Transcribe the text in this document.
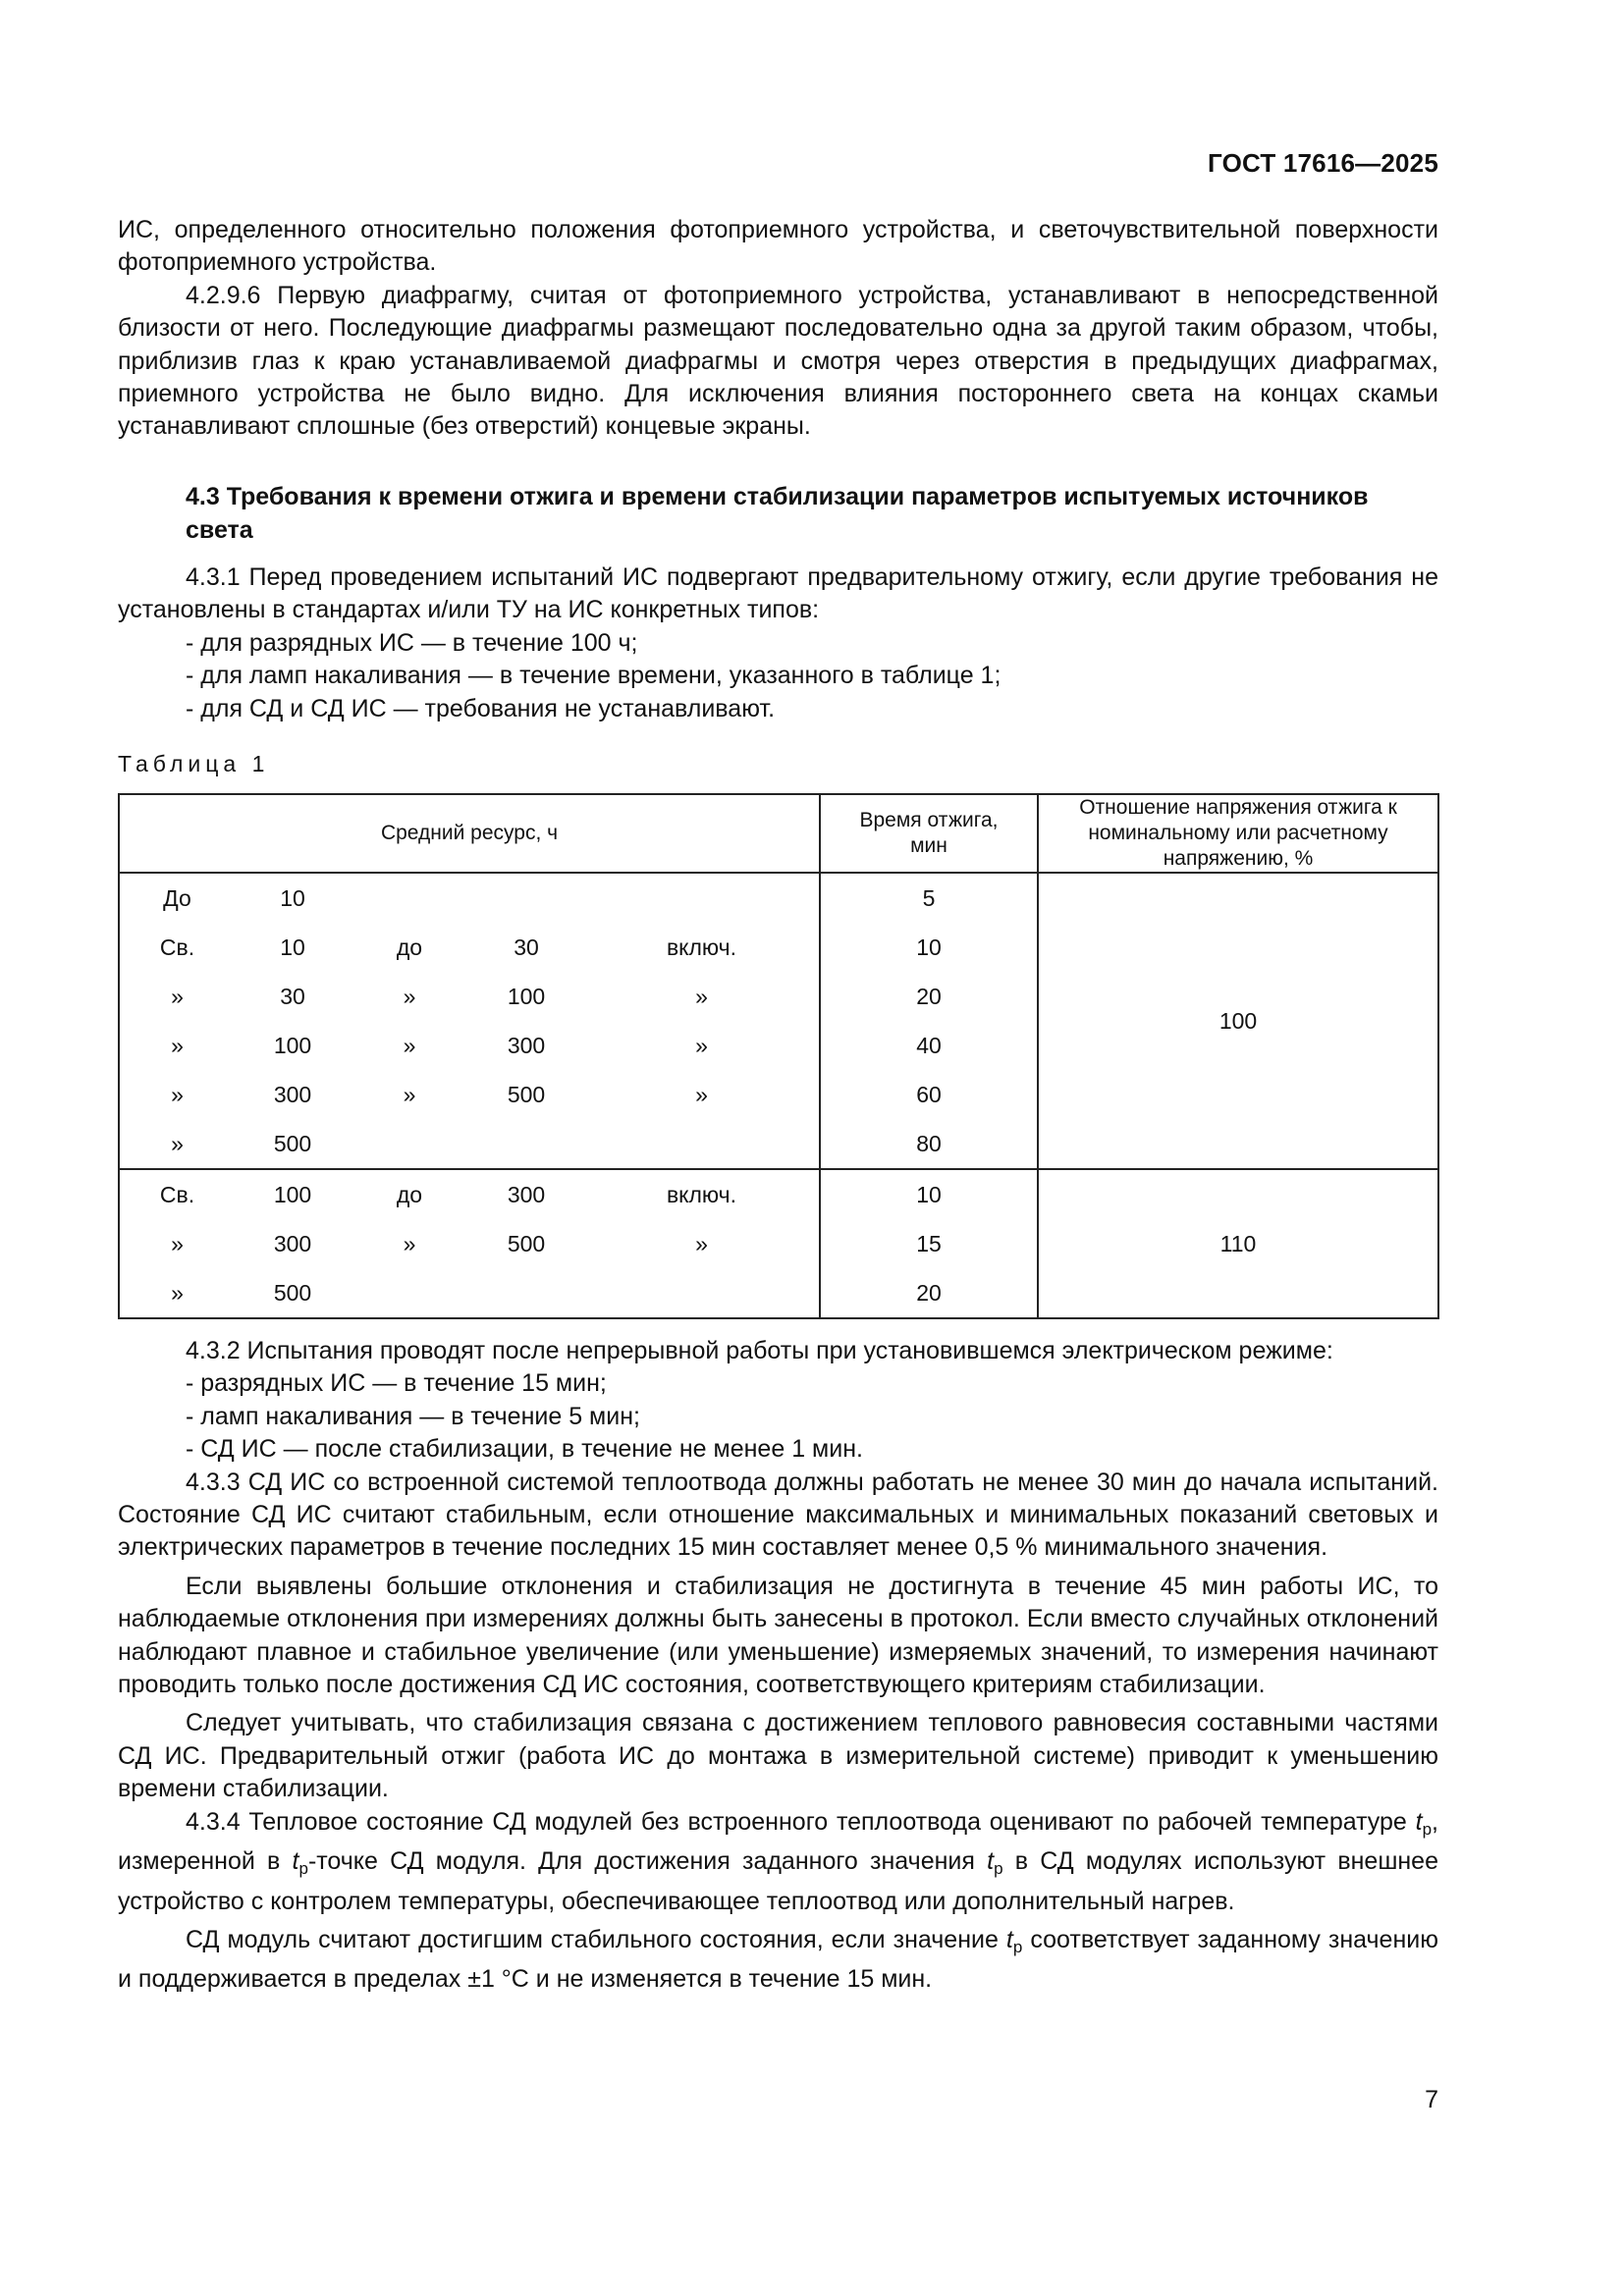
ГОСТ 17616—2025

ИС, определенного относительно положения фотоприемного устройства, и светочувствительной поверхности фотоприемного устройства.

4.2.9.6 Первую диафрагму, считая от фотоприемного устройства, устанавливают в непосредственной близости от него. Последующие диафрагмы размещают последовательно одна за другой таким образом, чтобы, приблизив глаз к краю устанавливаемой диафрагмы и смотря через отверстия в предыдущих диафрагмах, приемного устройства не было видно. Для исключения влияния постороннего света на концах скамьи устанавливают сплошные (без отверстий) концевые экраны.

4.3 Требования к времени отжига и времени стабилизации параметров испытуемых источников света

4.3.1 Перед проведением испытаний ИС подвергают предварительному отжигу, если другие требования не установлены в стандартах и/или ТУ на ИС конкретных типов:

- для разрядных ИС — в течение 100 ч;

- для ламп накаливания — в течение времени, указанного в таблице 1;

- для СД и СД ИС — требования не устанавливают.

Таблица 1
Средний ресурс, ч					Время отжига, мин	Отношение напряжения отжига к номинальному или расчетному напряжению, %
До	10				5	100
Св.	10	до	30	включ.	10	
»	30	»	100	»	20	
»	100	»	300	»	40	
»	300	»	500	»	60	
»	500				80	
Св.	100	до	300	включ.	10	110
»	300	»	500	»	15	
»	500				20	

4.3.2 Испытания проводят после непрерывной работы при установившемся электрическом режиме:

- разрядных ИС — в течение 15 мин;

- ламп накаливания — в течение 5 мин;

- СД ИС — после стабилизации, в течение не менее 1 мин.

4.3.3 СД ИС со встроенной системой теплоотвода должны работать не менее 30 мин до начала испытаний. Состояние СД ИС считают стабильным, если отношение максимальных и минимальных показаний световых и электрических параметров в течение последних 15 мин составляет менее 0,5 % минимального значения.

Если выявлены большие отклонения и стабилизация не достигнута в течение 45 мин работы ИС, то наблюдаемые отклонения при измерениях должны быть занесены в протокол. Если вместо случайных отклонений наблюдают плавное и стабильное увеличение (или уменьшение) измеряемых значений, то измерения начинают проводить только после достижения СД ИС состояния, соответствующего критериям стабилизации.

Следует учитывать, что стабилизация связана с достижением теплового равновесия составными частями СД ИС. Предварительный отжиг (работа ИС до монтажа в измерительной системе) приводит к уменьшению времени стабилизации.

4.3.4 Тепловое состояние СД модулей без встроенного теплоотвода оценивают по рабочей температуре $t_р$, измеренной в $t_р$-точке СД модуля. Для достижения заданного значения $t_р$ в СД модулях используют внешнее устройство с контролем температуры, обеспечивающее теплоотвод или дополнительный нагрев.

СД модуль считают достигшим стабильного состояния, если значение $t_р$ соответствует заданному значению и поддерживается в пределах ±1 °С и не изменяется в течение 15 мин.

7
